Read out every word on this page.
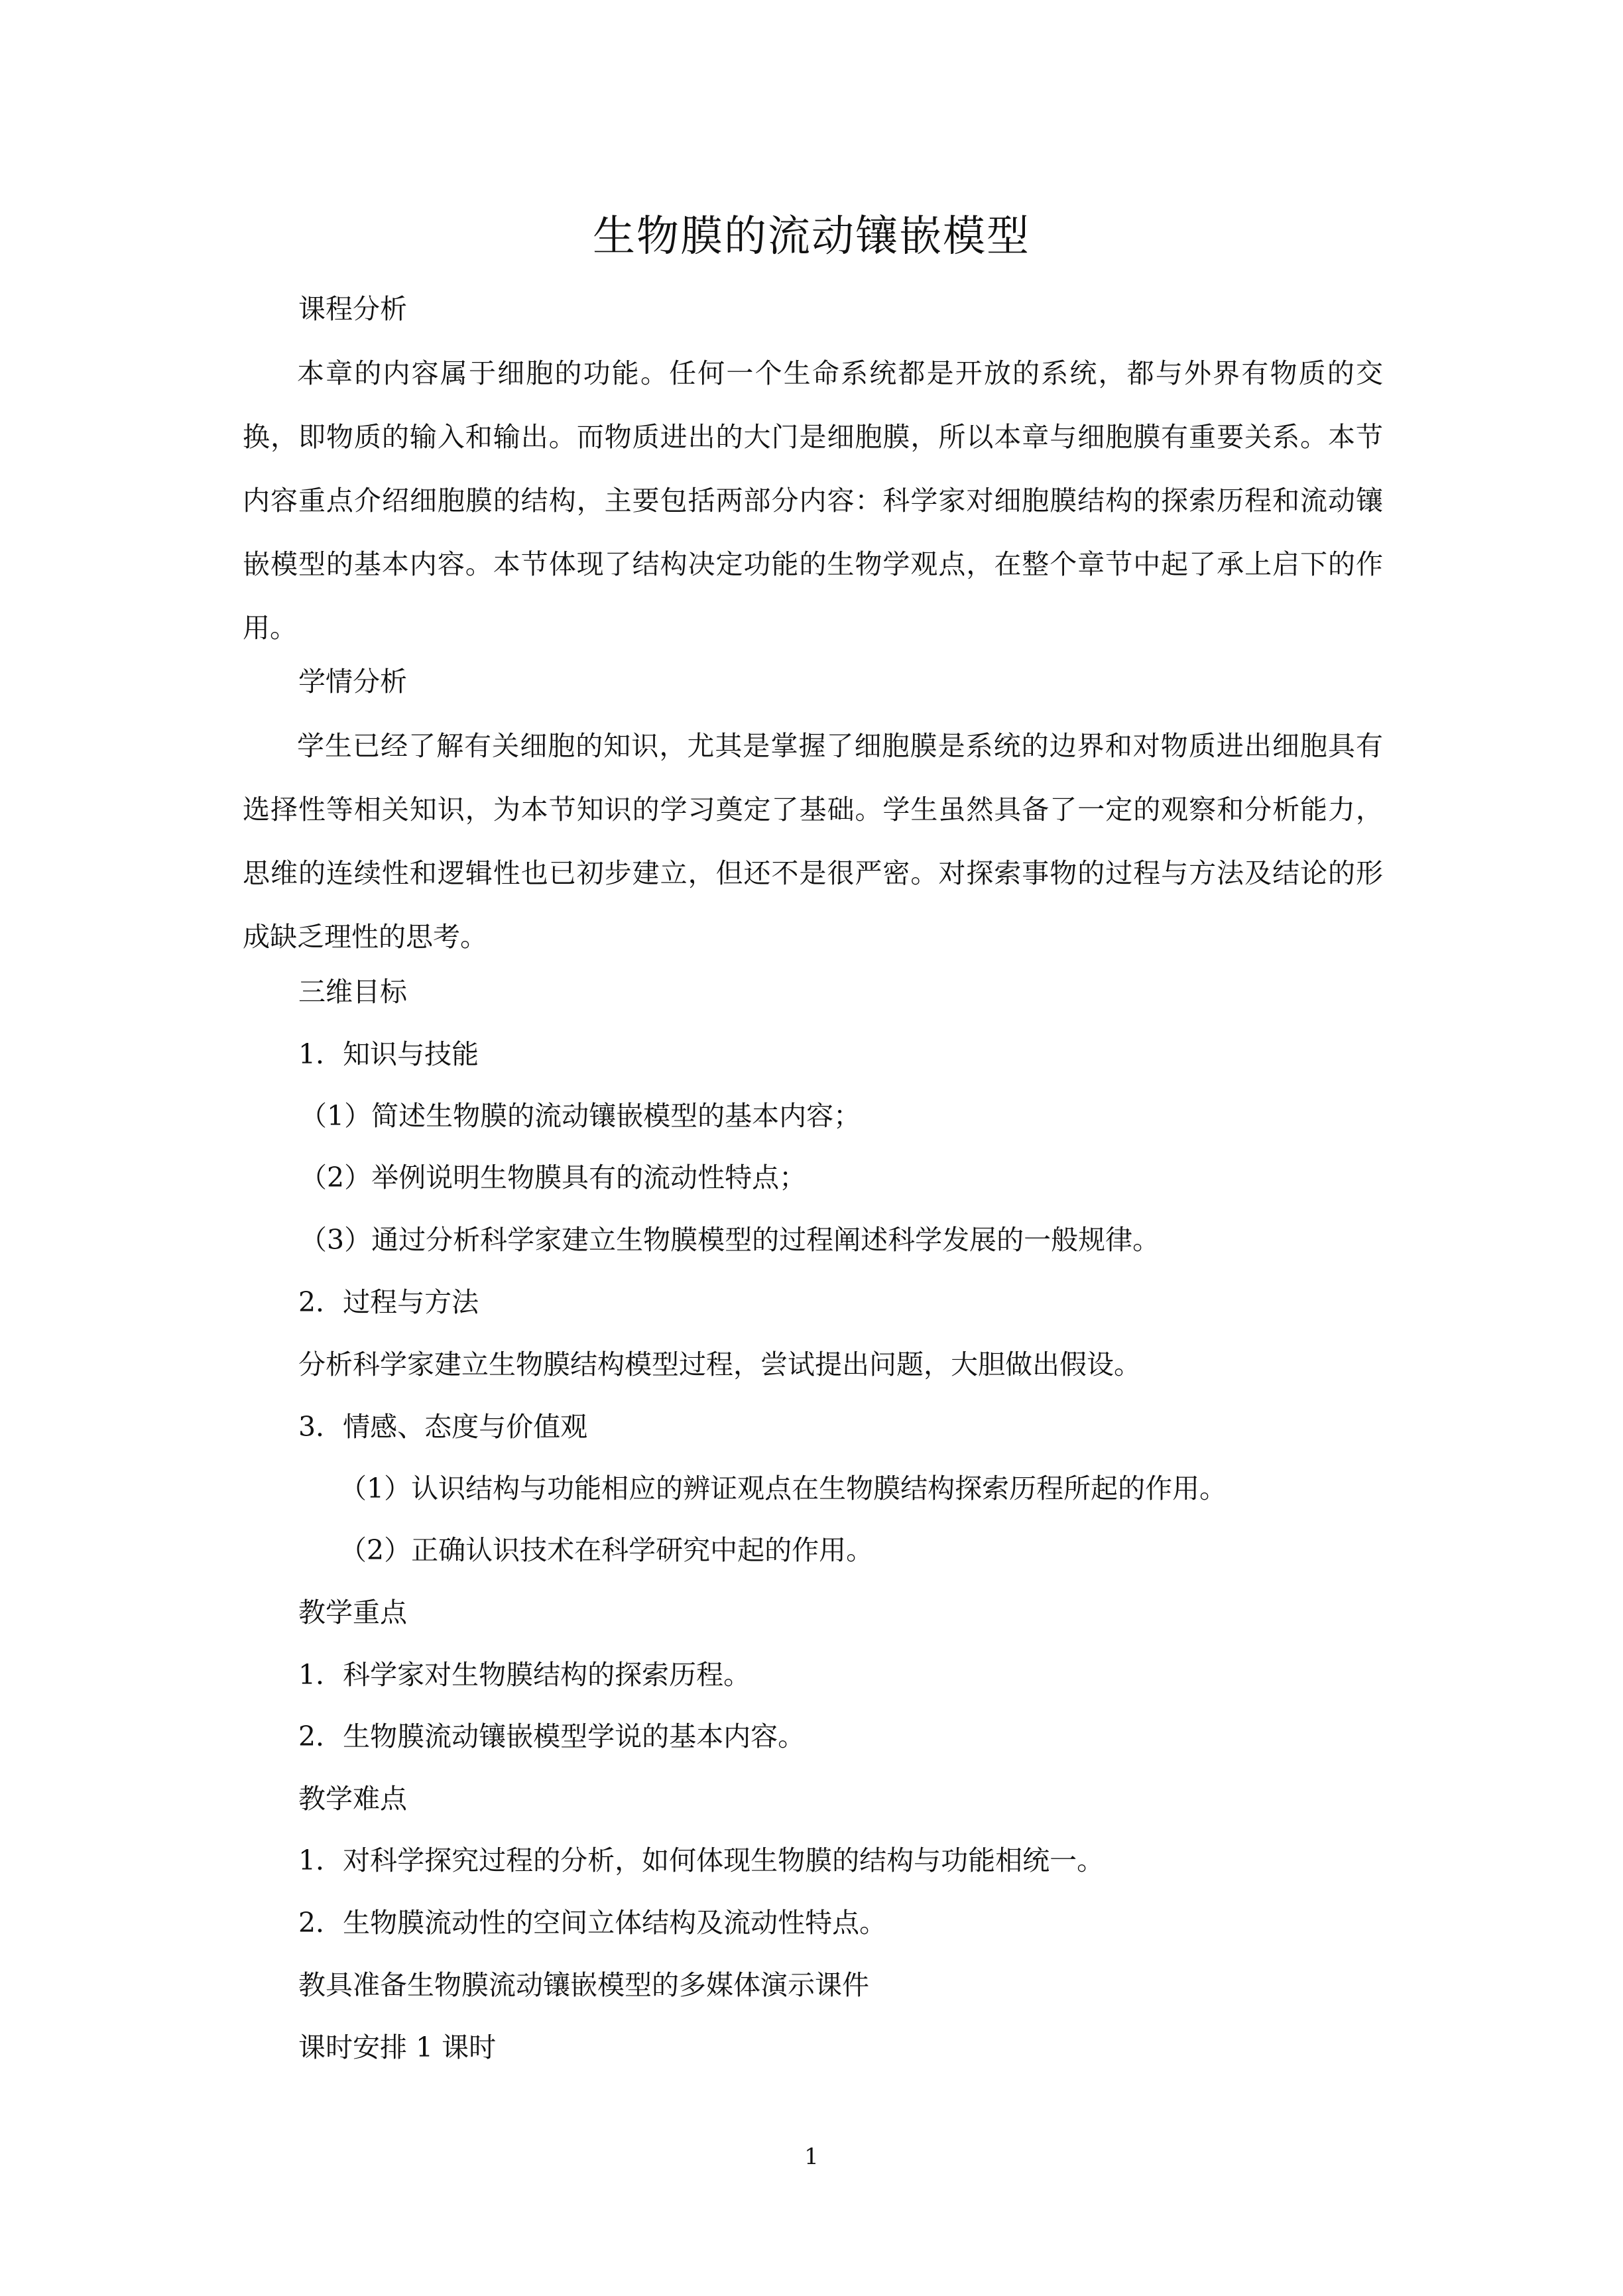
生物膜的流动镶嵌模型
课程分析

本章的内容属于细胞的功能。任何一个生命系统都是开放的系统，都与外界有物质的交换，即物质的输入和输出。而物质进出的大门是细胞膜，所以本章与细胞膜有重要关系。本节内容重点介绍细胞膜的结构，主要包括两部分内容：科学家对细胞膜结构的探索历程和流动镶嵌模型的基本内容。本节体现了结构决定功能的生物学观点，在整个章节中起了承上启下的作用。

学情分析

学生已经了解有关细胞的知识，尤其是掌握了细胞膜是系统的边界和对物质进出细胞具有选择性等相关知识，为本节知识的学习奠定了基础。学生虽然具备了一定的观察和分析能力，思维的连续性和逻辑性也已初步建立，但还不是很严密。对探索事物的过程与方法及结论的形成缺乏理性的思考。

三维目标
1．知识与技能
（1）简述生物膜的流动镶嵌模型的基本内容；
（2）举例说明生物膜具有的流动性特点；
（3）通过分析科学家建立生物膜模型的过程阐述科学发展的一般规律。
2．过程与方法
分析科学家建立生物膜结构模型过程，尝试提出问题，大胆做出假设。
3．情感、态度与价值观
（1）认识结构与功能相应的辨证观点在生物膜结构探索历程所起的作用。
（2）正确认识技术在科学研究中起的作用。
教学重点
1．科学家对生物膜结构的探索历程。
2．生物膜流动镶嵌模型学说的基本内容。
教学难点
1．对科学探究过程的分析，如何体现生物膜的结构与功能相统一。
2．生物膜流动性的空间立体结构及流动性特点。
教具准备生物膜流动镶嵌模型的多媒体演示课件
课时安排 1 课时
1
